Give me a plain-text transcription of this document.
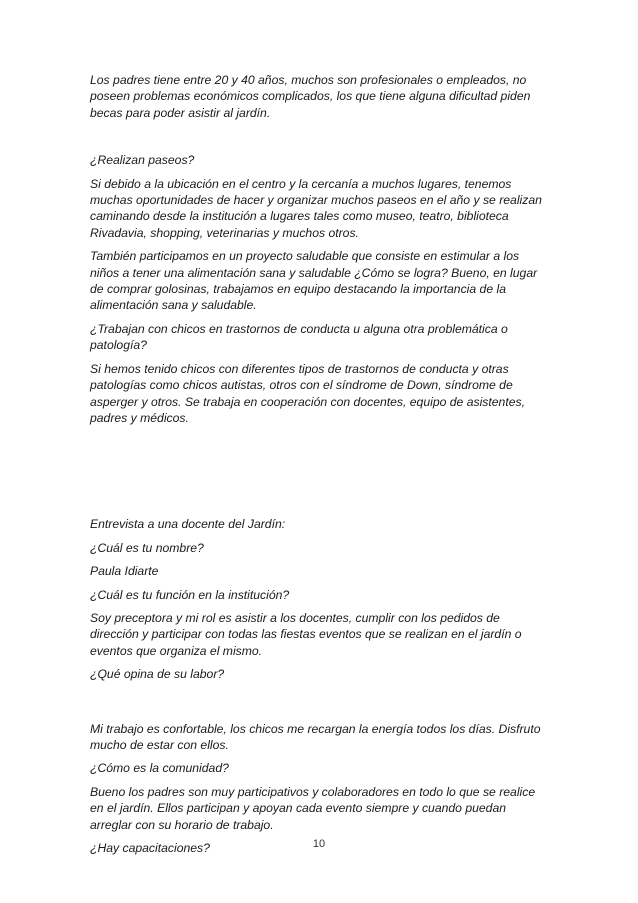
Los padres tiene entre 20 y 40 años, muchos son profesionales o empleados, no poseen problemas económicos complicados, los que tiene alguna dificultad piden becas para poder asistir al jardín.

¿Realizan paseos?

Si debido a la ubicación en el centro y la cercanía a muchos lugares, tenemos muchas oportunidades de hacer y organizar muchos paseos en el año y se realizan caminando desde la institución a lugares tales como museo, teatro, biblioteca Rivadavia, shopping, veterinarias y muchos otros.

También participamos en un proyecto saludable que consiste en estimular a los niños a tener una alimentación sana y saludable ¿Cómo se logra? Bueno, en lugar de comprar golosinas, trabajamos en equipo destacando la importancia de la alimentación sana y saludable.

¿Trabajan con chicos en trastornos de conducta u alguna otra problemática o patología?

Si hemos tenido chicos con diferentes tipos de trastornos de conducta y otras patologías como chicos autistas, otros con el síndrome de Down, síndrome de asperger y otros. Se trabaja en cooperación con docentes, equipo de asistentes, padres y médicos.

Entrevista a una docente del Jardín:

¿Cuál es tu nombre?

Paula Idiarte

¿Cuál es tu función en la institución?

Soy preceptora y mi rol es asistir a los docentes, cumplir con los pedidos de dirección y participar con todas las fiestas eventos que se realizan en el jardín o eventos que organiza el mismo.

¿Qué opina de su labor?

Mi trabajo es confortable, los chicos me recargan la energía todos los días. Disfruto mucho de estar con ellos.

¿Cómo es la comunidad?

Bueno los padres son muy participativos y colaboradores en todo lo que se realice en el jardín. Ellos participan y apoyan cada evento siempre y cuando puedan arreglar con su horario de trabajo.

¿Hay capacitaciones?	10
